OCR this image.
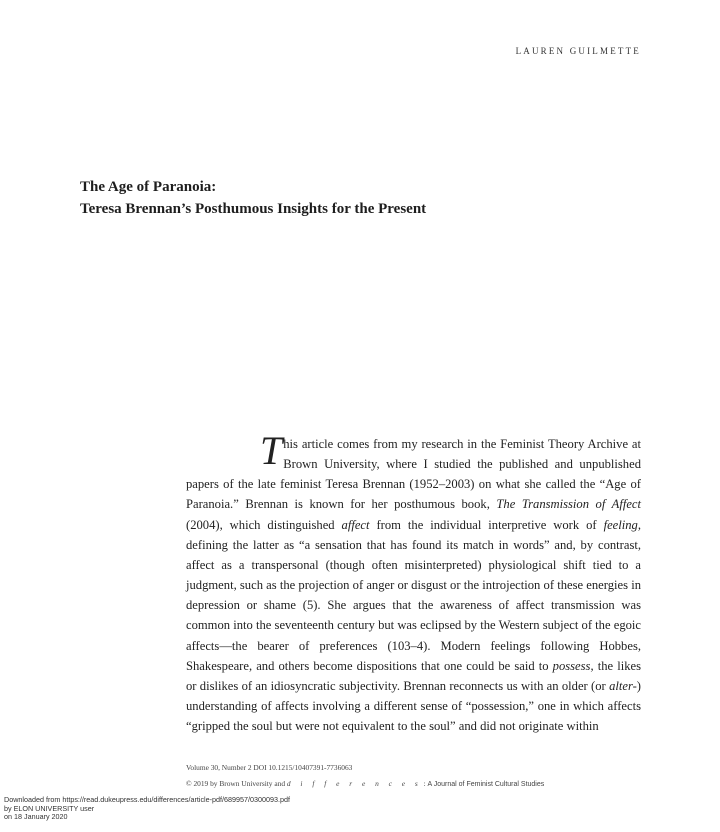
LAUREN GUILMETTE
The Age of Paranoia:
Teresa Brennan’s Posthumous Insights for the Present
This article comes from my research in the Feminist Theory Archive at Brown University, where I studied the published and unpublished papers of the late feminist Teresa Brennan (1952–2003) on what she called the “Age of Paranoia.” Brennan is known for her posthumous book, The Transmission of Affect (2004), which distinguished affect from the individual interpretive work of feeling, defining the latter as “a sensation that has found its match in words” and, by contrast, affect as a transpersonal (though often misinterpreted) physiological shift tied to a judgment, such as the projection of anger or disgust or the introjection of these energies in depression or shame (5). She argues that the awareness of affect transmission was common into the seventeenth century but was eclipsed by the Western subject of the egoic affects—the bearer of preferences (103–4). Modern feelings following Hobbes, Shakespeare, and others become dispositions that one could be said to possess, the likes or dislikes of an idiosyncratic subjectivity. Brennan reconnects us with an older (or alter-) understanding of affects involving a different sense of “possession,” one in which affects “gripped the soul but were not equivalent to the soul” and did not originate within
Volume 30, Number 2 DOI 10.1215/10407391-7736063
© 2019 by Brown University and d i f f e r e n c e s : A Journal of Feminist Cultural Studies
Downloaded from https://read.dukeupress.edu/differences/article-pdf/689957/0300093.pdf
by ELON UNIVERSITY user
on 18 January 2020
